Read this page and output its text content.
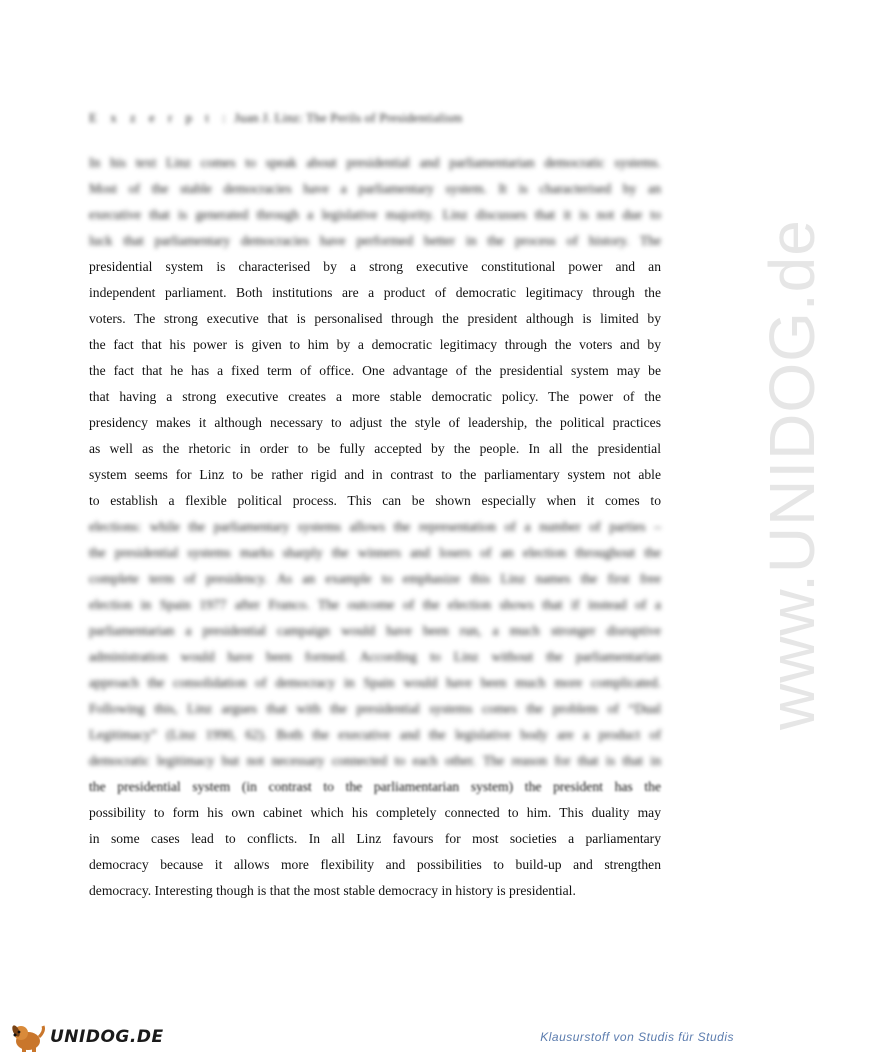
www.UNIDOG.de
E x z e r p t : Juan J. Linz: The Perils of Presidentialism
In his text Linz comes to speak about presidential and parliamentarian democratic systems.
Most of the stable democracies have a parliamentary system. It is characterised by an
executive that is generated through a legislative majority. Linz discusses that it is not due to
luck that parliamentary democracies have performed better in the process of history. The
presidential system is characterised by a strong executive constitutional power and an
independent parliament. Both institutions are a product of democratic legitimacy through the
voters. The strong executive that is personalised through the president although is limited by
the fact that his power is given to him by a democratic legitimacy through the voters and by
the fact that he has a fixed term of office. One advantage of the presidential system may be
that having a strong executive creates a more stable democratic policy. The power of the
presidency makes it although necessary to adjust the style of leadership, the political practices
as well as the rhetoric in order to be fully accepted by the people. In all the presidential
system seems for Linz to be rather rigid and in contrast to the parliamentary system not able
to establish a flexible political process. This can be shown especially when it comes to
elections: while the parliamentary systems allows the representation of a number of parties –
the presidential systems marks sharply the winners and losers of an election throughout the
complete term of presidency. As an example to emphasize this Linz names the first free
election in Spain 1977 after Franco. The outcome of the election shows that if instead of a
parliamentarian a presidential campaign would have been run, a much stronger disruptive
administration would have been formed. According to Linz without the parliamentarian
approach the consolidation of democracy in Spain would have been much more complicated.
Following this, Linz argues that with the presidential systems comes the problem of “Dual
Legitimacy” (Linz 1990, 62). Both the executive and the legislative body are a product of
democratic legitimacy but not necessary connected to each other. The reason for that is that in
the presidential system (in contrast to the parliamentarian system) the president has the
possibility to form his own cabinet which his completely connected to him. This duality may
in some cases lead to conflicts. In all Linz favours for most societies a parliamentary
democracy because it allows more flexibility and possibilities to build-up and strengthen
democracy. Interesting though is that the most stable democracy in history is presidential.
UNIDOG.DE	Klausurstoff von Studis für Studis
